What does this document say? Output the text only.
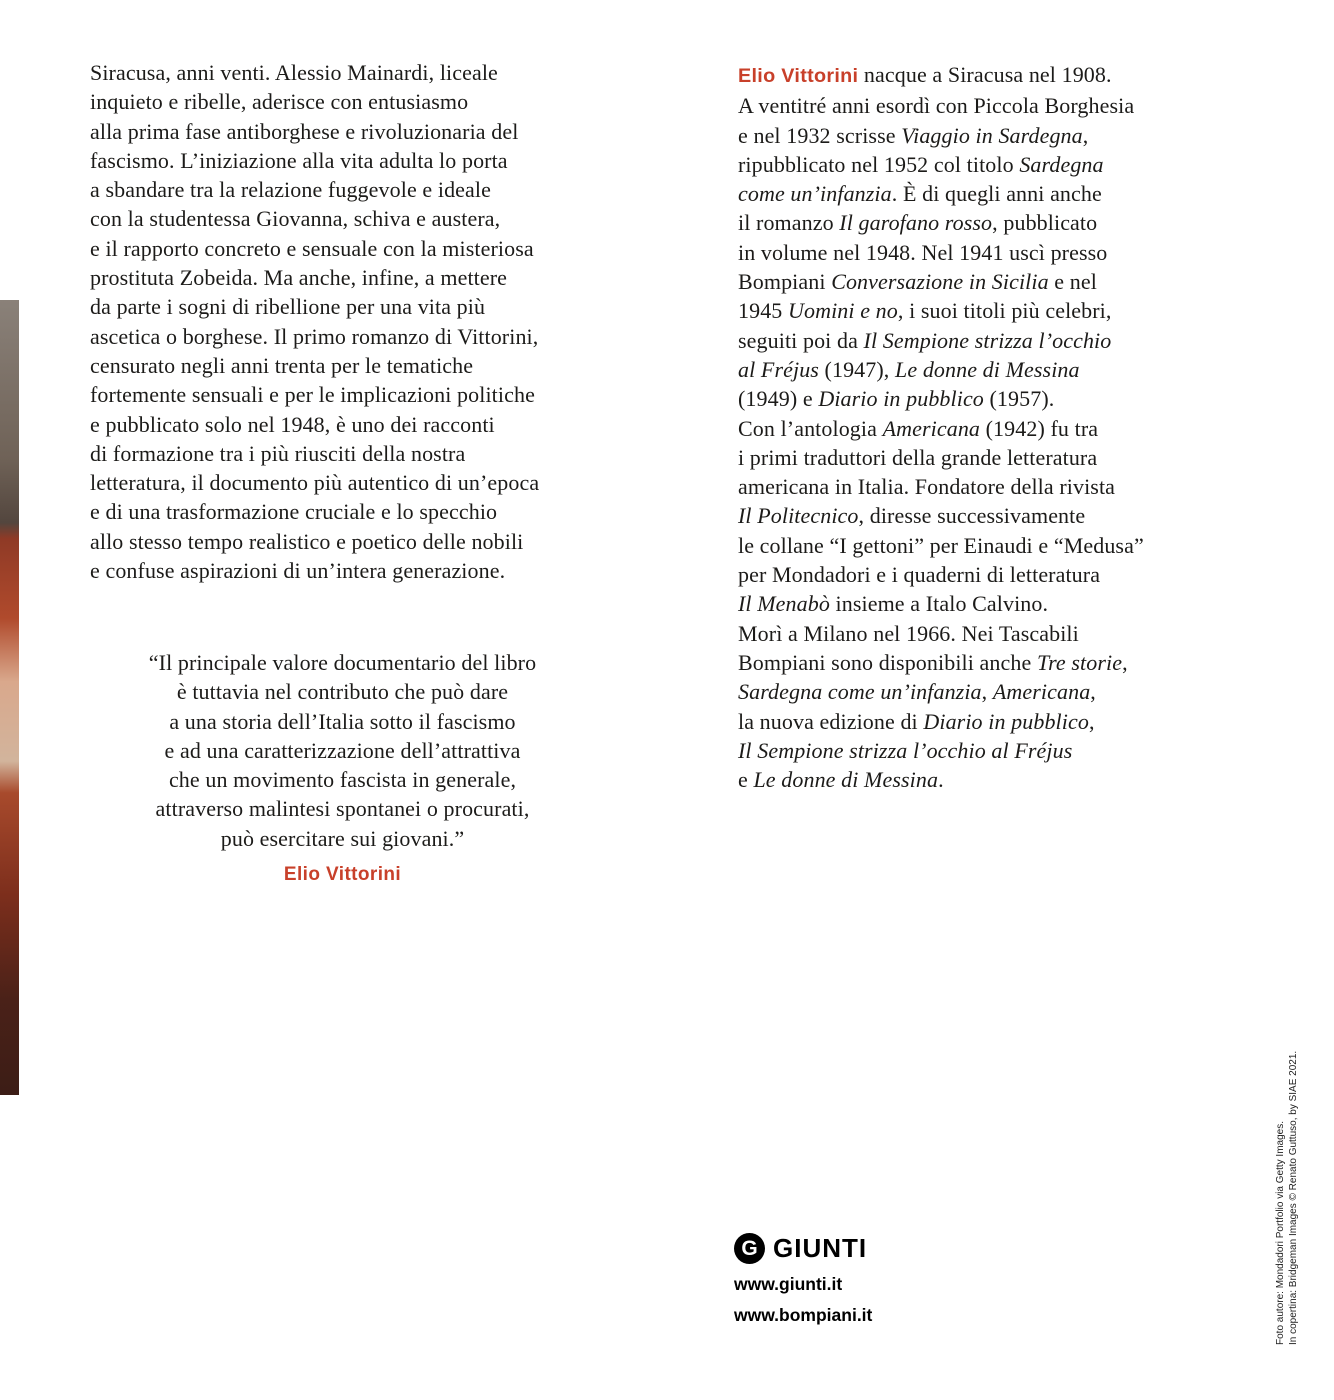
Siracusa, anni venti. Alessio Mainardi, liceale
inquieto e ribelle, aderisce con entusiasmo
alla prima fase antiborghese e rivoluzionaria del
fascismo. L’iniziazione alla vita adulta lo porta
a sbandare tra la relazione fuggevole e ideale
con la studentessa Giovanna, schiva e austera,
e il rapporto concreto e sensuale con la misteriosa
prostituta Zobeida. Ma anche, infine, a mettere
da parte i sogni di ribellione per una vita più
ascetica o borghese. Il primo romanzo di Vittorini,
censurato negli anni trenta per le tematiche
fortemente sensuali e per le implicazioni politiche
e pubblicato solo nel 1948, è uno dei racconti
di formazione tra i più riusciti della nostra
letteratura, il documento più autentico di un’epoca
e di una trasformazione cruciale e lo specchio
allo stesso tempo realistico e poetico delle nobili
e confuse aspirazioni di un’intera generazione.
“Il principale valore documentario del libro
è tuttavia nel contributo che può dare
a una storia dell’Italia sotto il fascismo
e ad una caratterizzazione dell’attrattiva
che un movimento fascista in generale,
attraverso malintesi spontanei o procurati,
può esercitare sui giovani.”
Elio Vittorini
Elio Vittorini nacque a Siracusa nel 1908.
A ventitré anni esordì con Piccola Borghesia
e nel 1932 scrisse Viaggio in Sardegna,
ripubblicato nel 1952 col titolo Sardegna
come un’infanzia. È di quegli anni anche
il romanzo Il garofano rosso, pubblicato
in volume nel 1948. Nel 1941 uscì presso
Bompiani Conversazione in Sicilia e nel
1945 Uomini e no, i suoi titoli più celebri,
seguiti poi da Il Sempione strizza l’occhio
al Fréjus (1947), Le donne di Messina
(1949) e Diario in pubblico (1957).
Con l’antologia Americana (1942) fu tra
i primi traduttori della grande letteratura
americana in Italia. Fondatore della rivista
Il Politecnico, diresse successivamente
le collane “I gettoni” per Einaudi e “Medusa”
per Mondadori e i quaderni di letteratura
Il Menabò insieme a Italo Calvino.
Morì a Milano nel 1966. Nei Tascabili
Bompiani sono disponibili anche Tre storie,
Sardegna come un’infanzia, Americana,
la nuova edizione di Diario in pubblico,
Il Sempione strizza l’occhio al Fréjus
e Le donne di Messina.
G GIUNTI
www.giunti.it
www.bompiani.it	In copertina: Bridgeman Images © Renato Guttuso, by SIAE 2021.
Foto autore: Mondadori Portfolio via Getty Images.
